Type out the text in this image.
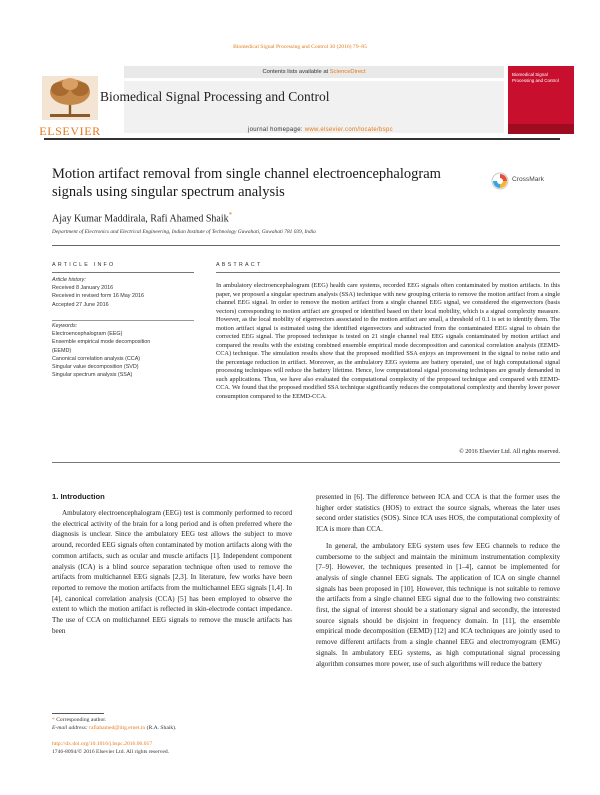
Biomedical Signal Processing and Control 30 (2016) 79–85
ELSEVIER
Contents lists available at ScienceDirect
Biomedical Signal Processing and Control
journal homepage: www.elsevier.com/locate/bspc
Biomedical Signal Processing and Control
Motion artifact removal from single channel electroencephalogram signals using singular spectrum analysis
CrossMark
Ajay Kumar Maddirala, Rafi Ahamed Shaik*
Department of Electronics and Electrical Engineering, Indian Institute of Technology Guwahati, Guwahati 781 039, India
ARTICLE INFO	ABSTRACT
Article history:
Received 8 January 2016
Received in revised form 16 May 2016
Accepted 27 June 2016
Keywords:
Electroencephalogram (EEG)
Ensemble empirical mode decomposition
(EEMD)
Canonical correlation analysis (CCA)
Singular value decomposition (SVD)
Singular spectrum analysis (SSA)
In ambulatory electroencephalogram (EEG) health care systems, recorded EEG signals often contaminated by motion artifacts. In this paper, we proposed a singular spectrum analysis (SSA) technique with new grouping criteria to remove the motion artifact from a single channel EEG signal. In order to remove the motion artifact from a single channel EEG signal, we considered the eigenvectors (basis vectors) corresponding to motion artifact are grouped or identified based on their local mobility, which is a signal complexity measure. However, as the local mobility of eigenvectors associated to the motion artifact are small, a threshold of 0.1 is set to identify them. The motion artifact signal is estimated using the identified eigenvectors and subtracted from the contaminated EEG signal to obtain the corrected EEG signal. The proposed technique is tested on 21 single channel real EEG signals contaminated by motion artifact and compared the results with the existing combined ensemble empirical mode decomposition and canonical correlation analysis (EEMD-CCA) technique. The simulation results show that the proposed modified SSA enjoys an improvement in the signal to noise ratio and the percentage reduction in artifact. Moreover, as the ambulatory EEG systems are battery operated, use of high computational signal processing techniques will reduce the battery lifetime. Hence, low computational signal processing techniques are greatly demanded in such applications. Thus, we have also evaluated the computational complexity of the proposed technique and compared with EEMD-CCA. We found that the proposed modified SSA technique significantly reduces the computational complexity and thereby lower power consumption compared to the EEMD-CCA.
© 2016 Elsevier Ltd. All rights reserved.
1. Introduction

Ambulatory electroencephalogram (EEG) test is commonly performed to record the electrical activity of the brain for a long period and is often preferred where the diagnosis is unclear. Since the ambulatory EEG test allows the subject to move around, recorded EEG signals often contaminated by motion artifacts along with the common artifacts, such as ocular and muscle artifacts [1]. Independent component analysis (ICA) is a blind source separation technique often used to remove the artifacts from multichannel EEG signals [2,3]. In literature, few works have been reported to remove the motion artifacts from the multichannel EEG signals [1,4]. In [4], canonical correlation analysis (CCA) [5] has been employed to observe the extent to which the motion artifact is reflected in skin-electrode contact impedance. The use of CCA on multichannel EEG signals to remove the muscle artifacts has been

presented in [6]. The difference between ICA and CCA is that the former uses the higher order statistics (HOS) to extract the source signals, whereas the later uses second order statistics (SOS). Since ICA uses HOS, the computational complexity of ICA is more than CCA.

In general, the ambulatory EEG system uses few EEG channels to reduce the cumbersome to the subject and maintain the minimum instrumentation complexity [7–9]. However, the techniques presented in [1–4], cannot be implemented for analysis of single channel EEG signals. The application of ICA on single channel signals has been proposed in [10]. However, this technique is not suitable to remove the artifacts from a single channel EEG signal due to the following two constraints: first, the signal of interest should be a stationary signal and secondly, the interested source signals should be disjoint in frequency domain. In [11], the ensemble empirical mode decomposition (EEMD) [12] and ICA techniques are jointly used to remove different artifacts from a single channel EEG and electromyogram (EMG) signals. In ambulatory EEG systems, as high computational signal processing algorithm consumes more power, use of such algorithms will reduce the battery

* Corresponding author.
E-mail address: rafiahamed@iitg.ernet.in (R.A. Shaik).
http://dx.doi.org/10.1016/j.bspc.2016.06.017
1746-8094/© 2016 Elsevier Ltd. All rights reserved.
